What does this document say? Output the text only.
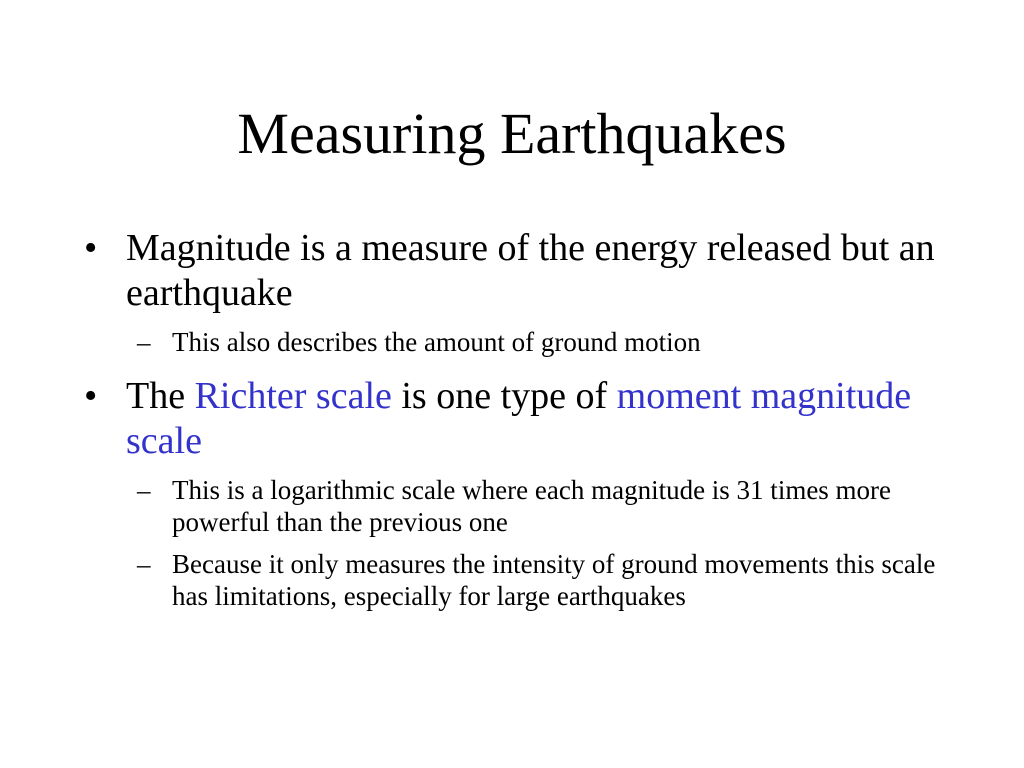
Measuring Earthquakes
• Magnitude is a measure of the energy released but an earthquake
– This also describes the amount of ground motion
• The Richter scale is one type of moment magnitude scale
– This is a logarithmic scale where each magnitude is 31 times more powerful than the previous one
– Because it only measures the intensity of ground movements this scale has limitations, especially for large earthquakes
